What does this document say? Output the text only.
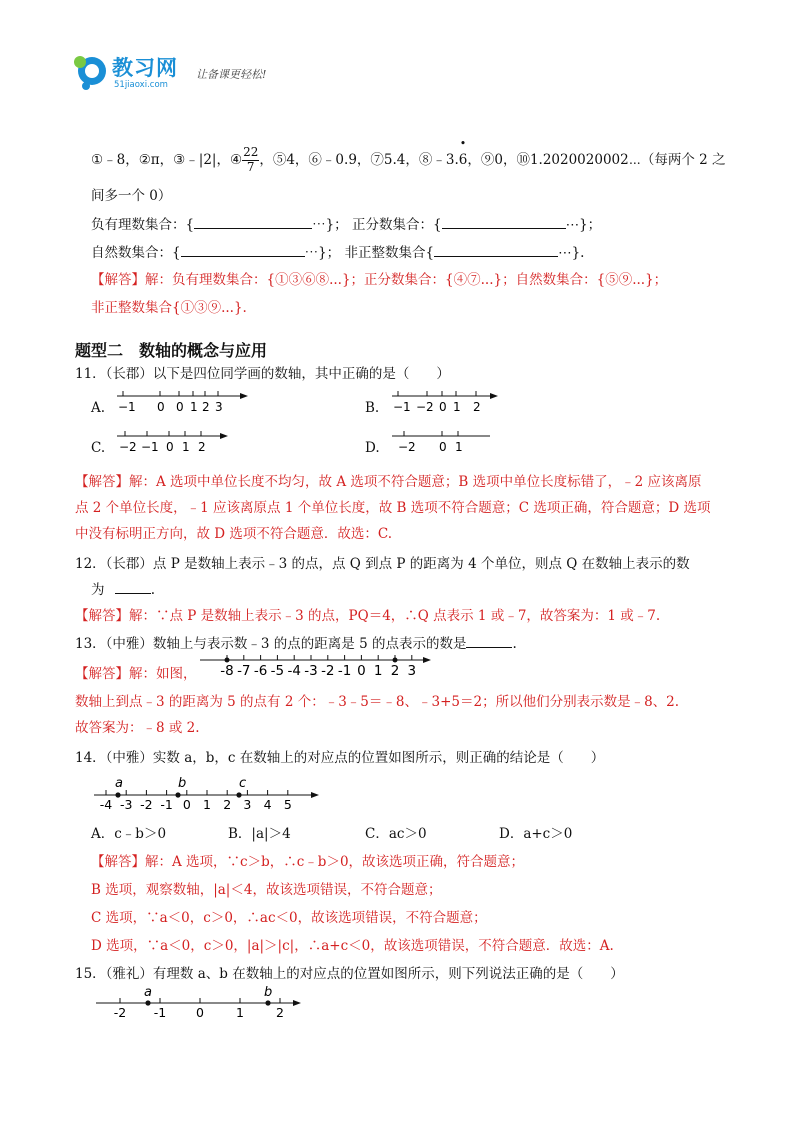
教习网
51jiaoxi.com
让备课更轻松!
①﹣8，②π，③﹣|2|，④ $\frac{22}{7}$ ，⑤4，⑥﹣0.9，⑦5.4，⑧﹣3.• 6，⑨0，⑩1.2020020002⋯（每两个 2 之
间多一个 0）
负有理数集合：{	⋯}； 正分数集合：{	⋯}；
自然数集合：{	⋯}； 非正整数集合{	⋯}.
【解答】解：负有理数集合：{①③⑥⑧...}；正分数集合：{④⑦...}；自然数集合：{⑤⑨...}；
非正整数集合{①③⑨...}.
题型二　数轴的概念与应用
11．（长郡）以下是四位同学画的数轴，其中正确的是（　　）
A. −1 0 0 1 2 3	B. −1 −2 0 1 2
C. −2 −1 0 1 2	D. −2 0 1
【解答】解：A 选项中单位长度不均匀，故 A 选项不符合题意；B 选项中单位长度标错了，﹣2 应该离原
点 2 个单位长度，﹣1 应该离原点 1 个单位长度，故 B 选项不符合题意；C 选项正确，符合题意；D 选项
中没有标明正方向，故 D 选项不符合题意．故选：C.
12．（长郡）点 P 是数轴上表示﹣3 的点，点 Q 到点 P 的距离为 4 个单位，则点 Q 在数轴上表示的数
为	.
【解答】解：∵点 P 是数轴上表示﹣3 的点，PQ＝4，∴Q 点表示 1 或﹣7，故答案为：1 或﹣7.
13．（中雅）数轴上与表示数﹣3 的点的距离是 5 的点表示的数是	.
【解答】解：如图， -8 -7 -6 -5 -4 -3 -2 -1 0 1 2 3
数轴上到点﹣3 的距离为 5 的点有 2 个：﹣3﹣5＝﹣8、﹣3+5＝2；所以他们分别表示数是﹣8、2.
故答案为：﹣8 或 2.
14．（中雅）实数 a，b，c 在数轴上的对应点的位置如图所示，则正确的结论是（　　）
a	b	c
-4 -3 -2 -1 0 1 2 3 4 5
A．c﹣b＞0	B．|a|＞4	C．ac＞0	D．a+c＞0
【解答】解：A 选项，∵c＞b，∴c﹣b＞0，故该选项正确，符合题意；
B 选项，观察数轴，|a|＜4，故该选项错误，不符合题意；
C 选项，∵a＜0，c＞0，∴ac＜0，故该选项错误，不符合题意；
D 选项，∵a＜0，c＞0，|a|＞|c|，∴a+c＜0，故该选项错误，不符合题意．故选：A.
15．（雅礼）有理数 a、b 在数轴上的对应点的位置如图所示，则下列说法正确的是（　　）
a	b
-2 -1 0	1	2
